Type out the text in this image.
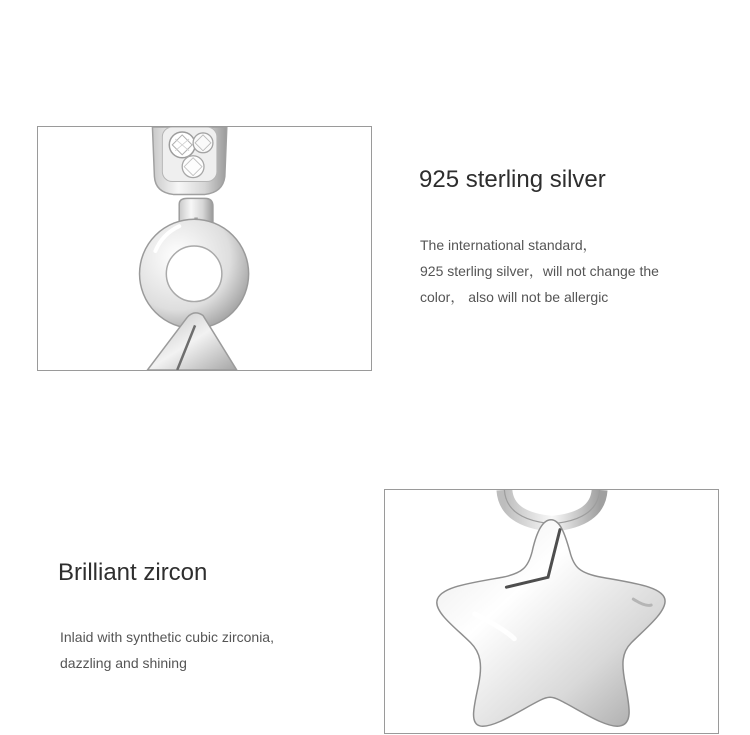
925 sterling silver

The international standard，
925 sterling silver，will not change the
color， also will not be allergic

Brilliant zircon

Inlaid with synthetic cubic zirconia,
dazzling and shining
